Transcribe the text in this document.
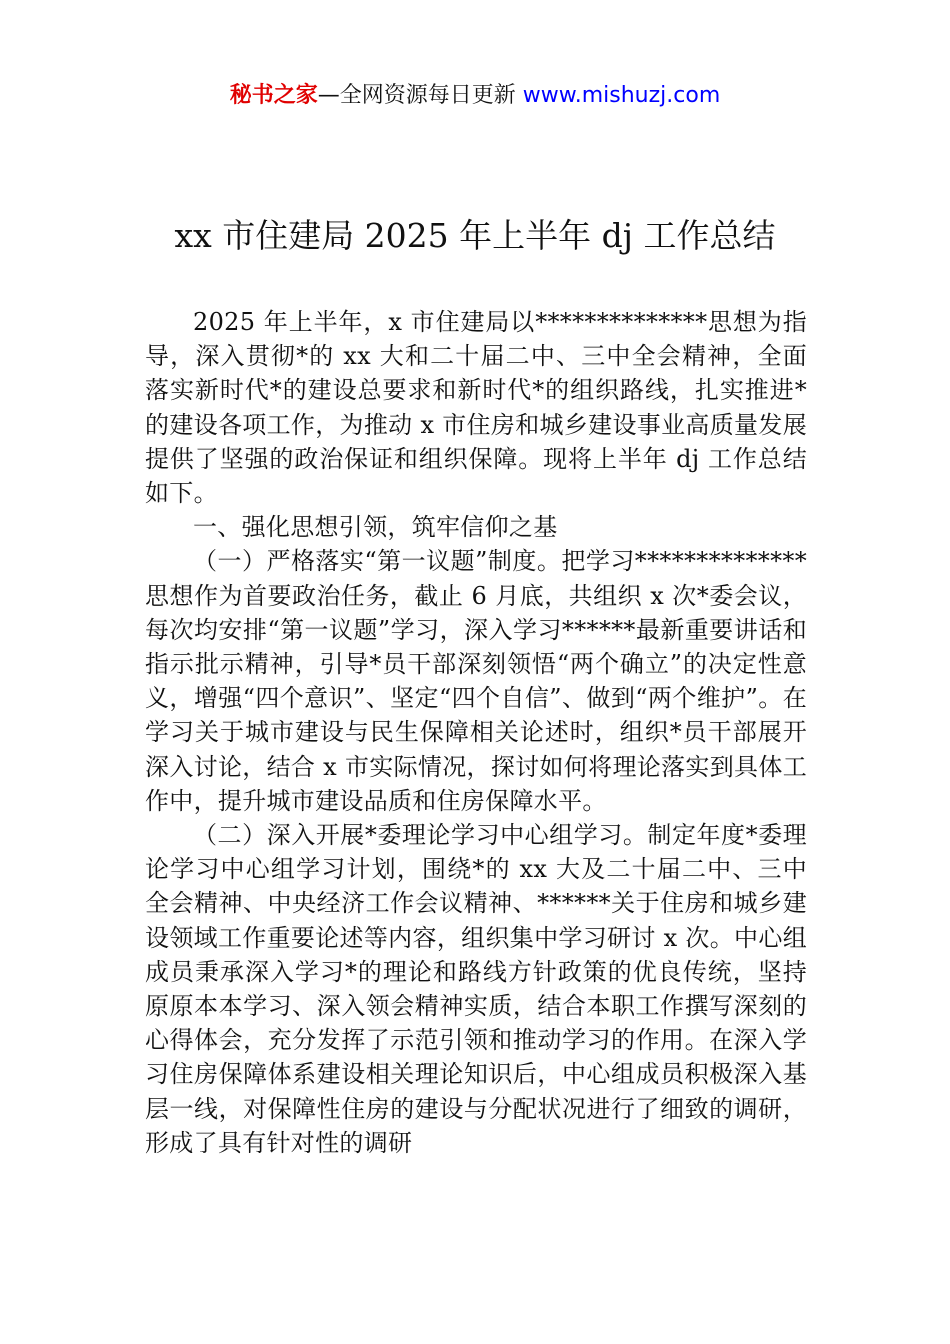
秘书之家—全网资源每日更新 www.mishuzj.com
xx 市住建局 2025 年上半年 dj 工作总结

2025 年上半年，x 市住建局以**************思想为指导，深入贯彻*的 xx 大和二十届二中、三中全会精神，全面落实新时代*的建设总要求和新时代*的组织路线，扎实推进*的建设各项工作，为推动 x 市住房和城乡建设事业高质量发展提供了坚强的政治保证和组织保障。现将上半年 dj 工作总结如下。

一、强化思想引领，筑牢信仰之基

（一）严格落实“第一议题”制度。把学习**************思想作为首要政治任务，截止 6 月底，共组织 x 次*委会议，每次均安排“第一议题”学习，深入学习******最新重要讲话和指示批示精神，引导*员干部深刻领悟“两个确立”的决定性意义，增强“四个意识”、坚定“四个自信”、做到“两个维护”。在学习关于城市建设与民生保障相关论述时，组织*员干部展开深入讨论，结合 x 市实际情况，探讨如何将理论落实到具体工作中，提升城市建设品质和住房保障水平。

（二）深入开展*委理论学习中心组学习。制定年度*委理论学习中心组学习计划，围绕*的 xx 大及二十届二中、三中全会精神、中央经济工作会议精神、******关于住房和城乡建设领域工作重要论述等内容，组织集中学习研讨 x 次。中心组成员秉承深入学习*的理论和路线方针政策的优良传统，坚持原原本本学习、深入领会精神实质，结合本职工作撰写深刻的心得体会，充分发挥了示范引领和推动学习的作用。在深入学习住房保障体系建设相关理论知识后，中心组成员积极深入基层一线，对保障性住房的建设与分配状况进行了细致的调研，形成了具有针对性的调研
